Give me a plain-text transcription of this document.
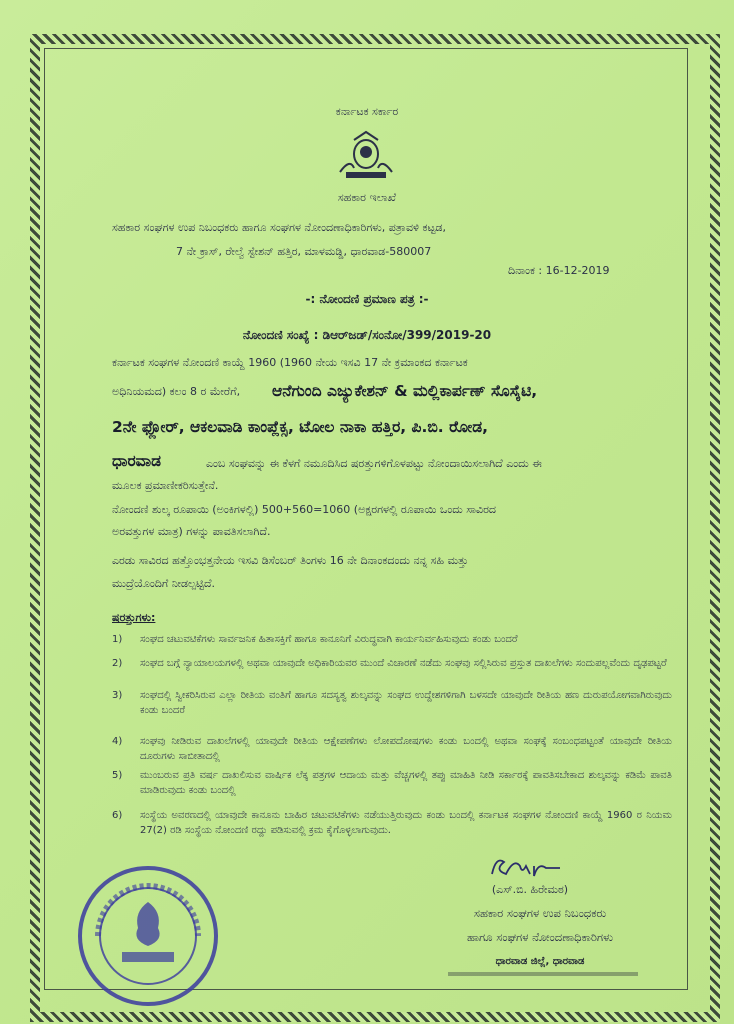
ಕರ್ನಾಟಕ ಸರ್ಕಾರ
ಸಹಕಾರ ಇಲಾಖೆ
ಸಹಕಾರ ಸಂಘಗಳ ಉಪ ನಿಬಂಧಕರು ಹಾಗೂ ಸಂಘಗಳ ನೋಂದಣಾಧಿಕಾರಿಗಳು, ಪತ್ರಾವಳಿ ಕಟ್ಟಡ,
7 ನೇ ಕ್ರಾಸ್, ರೇಲ್ವೆ ಸ್ಟೇಶನ್ ಹತ್ತಿರ, ಮಾಳಮಡ್ಡಿ, ಧಾರವಾಡ-580007
ದಿನಾಂಕ : 16-12-2019
-: ನೋಂದಣಿ ಪ್ರಮಾಣ ಪತ್ರ :-
ನೋಂದಣಿ ಸಂಖ್ಯೆ : ಡಿಆರ್‌ಜಡ್/ಸಂನೋ/399/2019-20
ಕರ್ನಾಟಕ ಸಂಘಗಳ ನೋಂದಣಿ ಕಾಯ್ದೆ 1960 (1960 ನೇಯ ಇಸವಿ 17 ನೇ ಕ್ರಮಾಂಕದ ಕರ್ನಾಟಕ
ಅಧಿನಿಯಮದ) ಕಲಂ 8 ರ ಮೇರೆಗೆ,	ಆನೆಗುಂದಿ ಎಜ್ಯುಕೇಶನ್ & ಮಲ್ಲಿಕಾರ್ಪಣ್ ಸೊಸೈಟಿ,
2ನೇ ಫ್ಲೋರ್, ಆಕಲವಾಡಿ ಕಾಂಪ್ಲೆಕ್ಸ, ಟೋಲ ನಾಕಾ ಹತ್ತಿರ, ಪಿ.ಬಿ. ರೋಡ,
ಧಾರವಾಡ	ಎಂಬ ಸಂಘವನ್ನು ಈ ಕೆಳಗೆ ನಮೂದಿಸಿದ ಷರತ್ತುಗಳಿಗೊಳಪಟ್ಟು ನೋಂದಾಯಿಸಲಾಗಿದೆ ಎಂದು ಈ
ಮೂಲಕ ಪ್ರಮಾಣೀಕರಿಸುತ್ತೇನೆ.
ನೋಂದಣಿ ಶುಲ್ಕ ರೂಪಾಯಿ (ಅಂಕಿಗಳಲ್ಲಿ) 500+560=1060 (ಅಕ್ಷರಗಳಲ್ಲಿ ರೂಪಾಯಿ ಒಂದು ಸಾವಿರದ
ಅರವತ್ತುಗಳ ಮಾತ್ರ) ಗಳನ್ನು ಪಾವತಿಸಲಾಗಿದೆ.
ಎರಡು ಸಾವಿರದ ಹತ್ತೊಂಭತ್ತನೇಯ ಇಸವಿ ಡಿಸೆಂಬರ್ ತಿಂಗಳು 16 ನೇ ದಿನಾಂಕದಂದು ನನ್ನ ಸಹಿ ಮತ್ತು
ಮುದ್ರೆಯೊಂದಿಗೆ ನೀಡಲ್ಪಟ್ಟಿದೆ.
ಷರತ್ತುಗಳು:
1)	ಸಂಘದ ಚಟುವಟಿಕೆಗಳು ಸಾರ್ವಜನಿಕ ಹಿತಾಸಕ್ತಿಗೆ ಹಾಗೂ ಕಾನೂನಿಗೆ ವಿರುದ್ಧವಾಗಿ ಕಾರ್ಯನಿರ್ವಹಿಸುವುದು ಕಂಡು ಬಂದರೆ
2)	ಸಂಘದ ಬಗ್ಗೆ ನ್ಯಾಯಾಲಯಗಳಲ್ಲಿ ಅಥವಾ ಯಾವುದೇ ಅಧಿಕಾರಿಯವರ ಮುಂದೆ ವಿಚಾರಣೆ ನಡೆದು ಸಂಘವು ಸಲ್ಲಿಸಿರುವ ಪ್ರಸ್ತುತ ದಾಖಲೆಗಳು ಸಂದುಪಲ್ಲವೆಂದು ದೃಢಪಟ್ಟರೆ
3)	ಸಂಘದಲ್ಲಿ ಸ್ವೀಕರಿಸಿರುವ ಎಲ್ಲಾ ರೀತಿಯ ವಂತಿಗೆ ಹಾಗೂ ಸದಸ್ಯತ್ವ ಶುಲ್ಕವನ್ನು ಸಂಘದ ಉದ್ದೇಶಗಳಿಗಾಗಿ ಬಳಸದೇ ಯಾವುದೇ ರೀತಿಯ ಹಣ ದುರುಪಯೋಗವಾಗಿರುವುದು ಕಂಡು ಬಂದರೆ
4)	ಸಂಘವು ನೀಡಿರುವ ದಾಖಲೆಗಳಲ್ಲಿ ಯಾವುದೇ ರೀತಿಯ ಆಕ್ಷೇಪಣೆಗಳು ಲೋಪದೋಷಗಳು ಕಂಡು ಬಂದಲ್ಲಿ ಅಥವಾ ಸಂಘಕ್ಕೆ ಸಂಬಂಧಪಟ್ಟಂತೆ ಯಾವುದೇ ರೀತಿಯ ದೂರುಗಳು ಸಾಬೀತಾದಲ್ಲಿ
5)	ಮುಂಬರುವ ಪ್ರತಿ ವರ್ಷ ದಾಖಲಿಸುವ ವಾರ್ಷಿಕ ಲೆಕ್ಕ ಪತ್ರಗಳ ಆದಾಯ ಮತ್ತು ವೆಚ್ಚಗಳಲ್ಲಿ ತಪ್ಪು ಮಾಹಿತಿ ನೀಡಿ ಸರ್ಕಾರಕ್ಕೆ ಪಾವತಿಸಬೇಕಾದ ಶುಲ್ಕವನ್ನು ಕಡಿಮೆ ಪಾವತಿ ಮಾಡಿರುವುದು ಕಂಡು ಬಂದಲ್ಲಿ
6)	ಸಂಸ್ಥೆಯ ಅವರಣದಲ್ಲಿ ಯಾವುದೇ ಕಾನೂನು ಬಾಹಿರ ಚಟುವಟಿಕೆಗಳು ನಡೆಯುತ್ತಿರುವುದು ಕಂಡು ಬಂದಲ್ಲಿ ಕರ್ನಾಟಕ ಸಂಘಗಳ ನೋಂದಣಿ ಕಾಯ್ದೆ 1960 ರ ನಿಯಮ 27(2) ರಡಿ ಸಂಸ್ಥೆಯ ನೋಂದಣಿ ರದ್ದು ಪಡಿಸುವಲ್ಲಿ ಕ್ರಮ ಕೈಗೊಳ್ಳಲಾಗುವುದು.
(ಎಸ್.ಬಿ. ಹಿರೇಮಠ)
ಸಹಕಾರ ಸಂಘಗಳ ಉಪ ನಿಬಂಧಕರು
ಹಾಗೂ ಸಂಘಗಳ ನೋಂದಣಾಧಿಕಾರಿಗಳು
ಧಾರವಾಡ ಜಿಲ್ಲೆ, ಧಾರವಾಡ
